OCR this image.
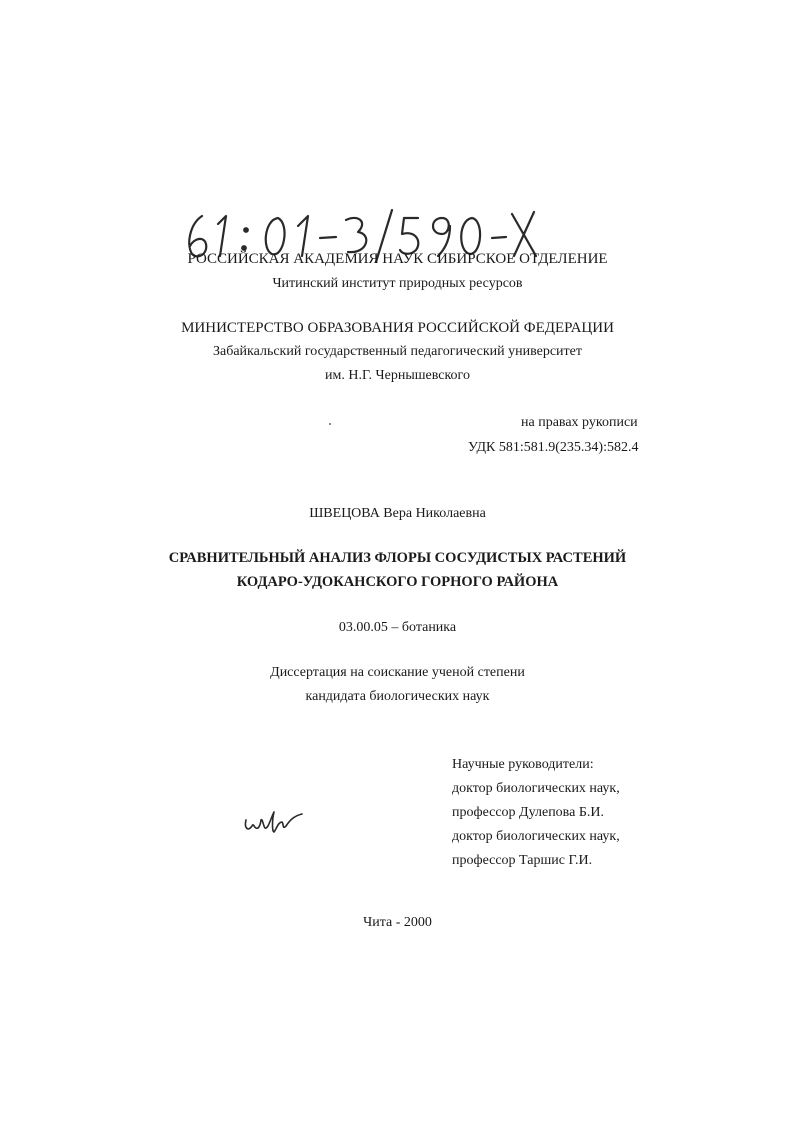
РОССИЙСКАЯ АКАДЕМИЯ НАУК СИБИРСКОЕ ОТДЕЛЕНИЕ
Читинский институт природных ресурсов
МИНИСТЕРСТВО ОБРАЗОВАНИЯ РОССИЙСКОЙ ФЕДЕРАЦИИ
Забайкальский государственный педагогический университет
им. Н.Г. Чернышевского
на правах рукописи
УДК 581:581.9(235.34):582.4
ШВЕЦОВА Вера Николаевна
СРАВНИТЕЛЬНЫЙ АНАЛИЗ ФЛОРЫ СОСУДИСТЫХ РАСТЕНИЙ
КОДАРО-УДОКАНСКОГО ГОРНОГО РАЙОНА
03.00.05 – ботаника
Диссертация на соискание ученой степени
кандидата биологических наук
Научные руководители:
доктор биологических наук,
профессор Дулепова Б.И.
доктор биологических наук,
профессор Таршис Г.И.
Чита - 2000
